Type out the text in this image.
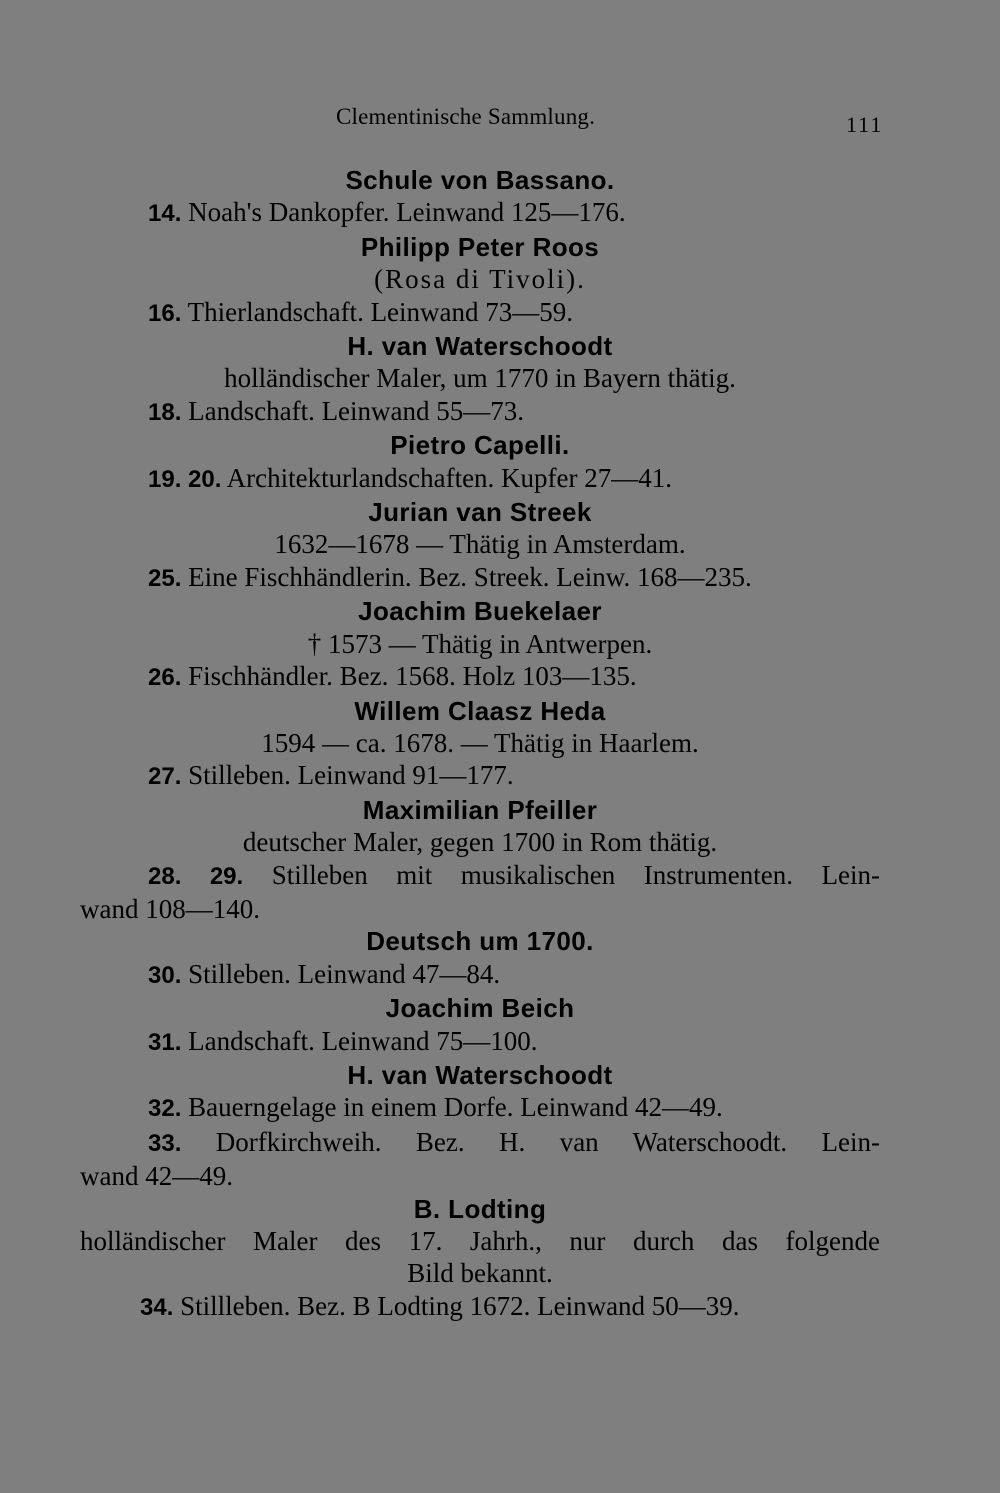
Clementinische Sammlung.	111
Schule von Bassano.
14. Noah's Dankopfer. Leinwand 125—176.
Philipp Peter Roos
(Rosa di Tivoli).
16. Thierlandschaft. Leinwand 73—59.
H. van Waterschoodt
holländischer Maler, um 1770 in Bayern thätig.
18. Landschaft. Leinwand 55—73.
Pietro Capelli.
19. 20. Architekturlandschaften. Kupfer 27—41.
Jurian van Streek
1632—1678 — Thätig in Amsterdam.
25. Eine Fischhändlerin. Bez. Streek. Leinw. 168—235.
Joachim Buekelaer
† 1573 — Thätig in Antwerpen.
26. Fischhändler. Bez. 1568. Holz 103—135.
Willem Claasz Heda
1594 — ca. 1678. — Thätig in Haarlem.
27. Stilleben. Leinwand 91—177.
Maximilian Pfeiller
deutscher Maler, gegen 1700 in Rom thätig.
28. 29. Stilleben mit musikalischen Instrumenten. Lein-
wand 108—140.
Deutsch um 1700.
30. Stilleben. Leinwand 47—84.
Joachim Beich
31. Landschaft. Leinwand 75—100.
H. van Waterschoodt
32. Bauerngelage in einem Dorfe. Leinwand 42—49.
33. Dorfkirchweih. Bez. H. van Waterschoodt. Lein-
wand 42—49.
B. Lodting
holländischer Maler des 17. Jahrh., nur durch das folgende
Bild bekannt.
34. Stillleben. Bez. B Lodting 1672. Leinwand 50—39.
